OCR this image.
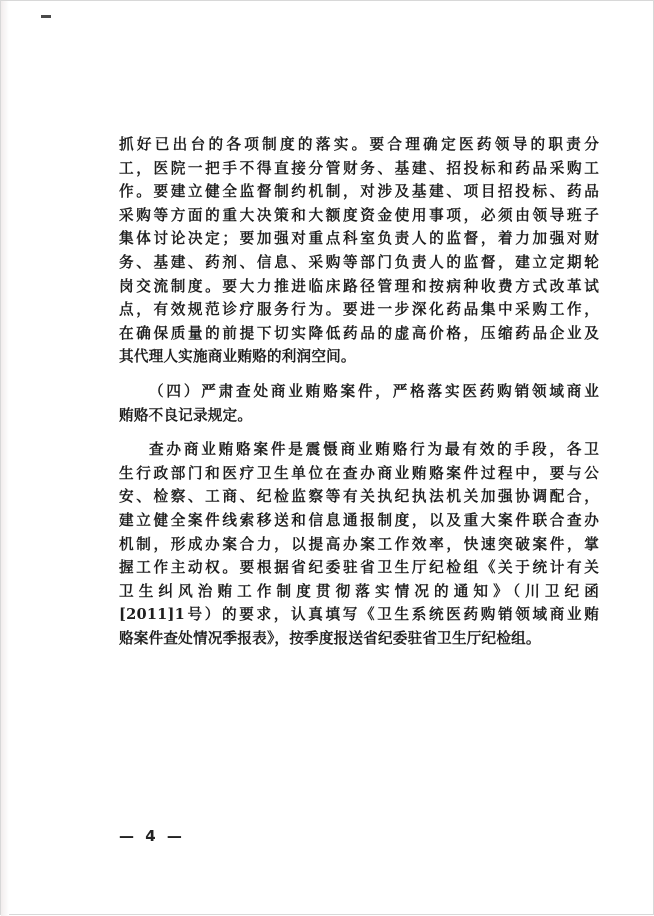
抓好已出台的各项制度的落实。要合理确定医药领导的职责分
工，医院一把手不得直接分管财务、基建、招投标和药品采购工
作。要建立健全监督制约机制，对涉及基建、项目招投标、药品
采购等方面的重大决策和大额度资金使用事项，必须由领导班子
集体讨论决定；要加强对重点科室负责人的监督，着力加强对财
务、基建、药剂、信息、采购等部门负责人的监督，建立定期轮
岗交流制度。要大力推进临床路径管理和按病种收费方式改革试
点，有效规范诊疗服务行为。要进一步深化药品集中采购工作，
在确保质量的前提下切实降低药品的虚高价格，压缩药品企业及
其代理人实施商业贿赂的利润空间。
（四）严肃查处商业贿赂案件，严格落实医药购销领域商业
贿赂不良记录规定。
查办商业贿赂案件是震慑商业贿赂行为最有效的手段，各卫
生行政部门和医疗卫生单位在查办商业贿赂案件过程中，要与公
安、检察、工商、纪检监察等有关执纪执法机关加强协调配合，
建立健全案件线索移送和信息通报制度，以及重大案件联合查办
机制，形成办案合力，以提高办案工作效率，快速突破案件，掌
握工作主动权。要根据省纪委驻省卫生厅纪检组《关于统计有关
卫生纠风治贿工作制度贯彻落实情况的通知》（川卫纪函
[2011]1号）的要求，认真填写《卫生系统医药购销领域商业贿
赂案件查处情况季报表》，按季度报送省纪委驻省卫生厅纪检组。
— 4 —
